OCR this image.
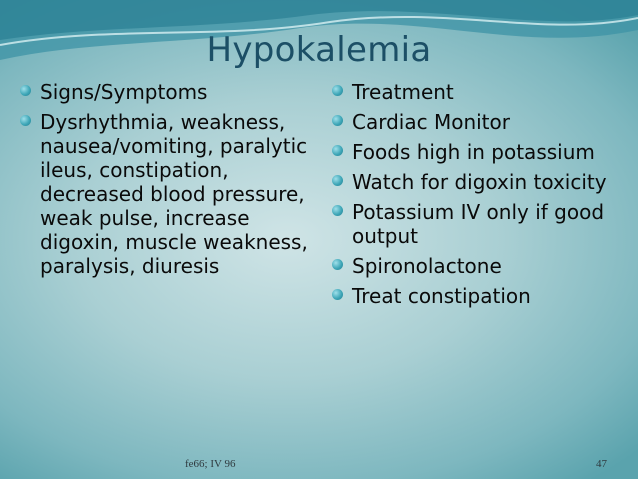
Hypokalemia
Signs/Symptoms
Dysrhythmia, weakness, nausea/vomiting, paralytic ileus, constipation, decreased blood pressure, weak pulse, increase digoxin, muscle weakness, paralysis, diuresis
Treatment
Cardiac Monitor
Foods high in potassium
Watch for digoxin toxicity
Potassium IV only if good output
Spironolactone
Treat constipation
fe66; IV 96	47
